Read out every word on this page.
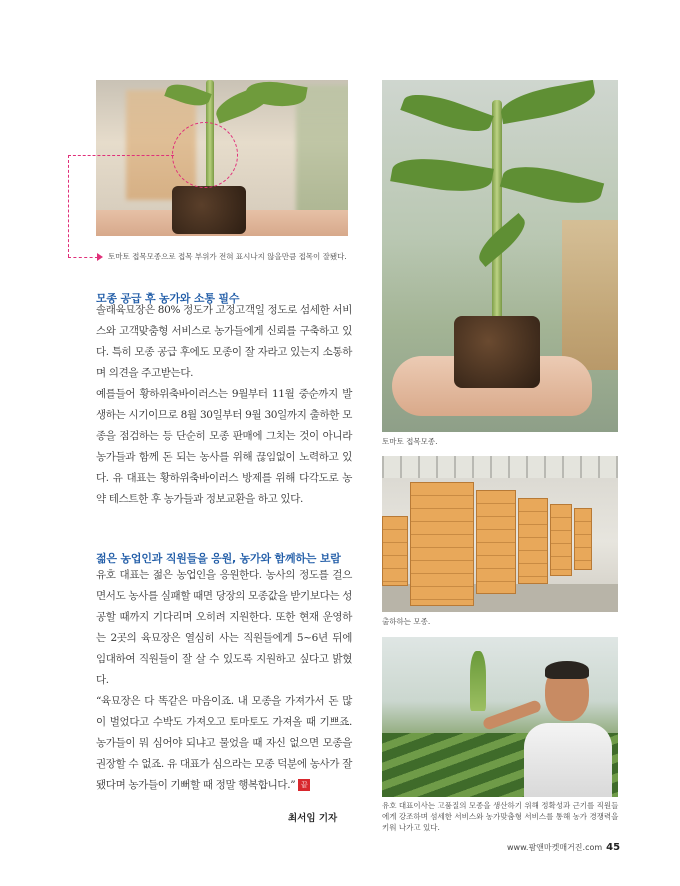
토마토 접목모종으로 접목 부위가 전혀 표시나지 않을만큼 접목이 잘됐다.
토마토 접목모종.
출하하는 모종.
유호 대표이사는 고품질의 모종을 생산하기 위해 정확성과 근기를 직원들에게 강조하며 섬세한 서비스와 농가맞춤형 서비스를 통해 농가 경쟁력을 키워 나가고 있다.
모종 공급 후 농가와 소통 필수

솔래육묘장은 80% 정도가 고정고객일 정도로 섬세한 서비스와 고객맞춤형 서비스로 농가들에게 신뢰를 구축하고 있다. 특히 모종 공급 후에도 모종이 잘 자라고 있는지 소통하며 의견을 주고받는다.

예를들어 황하위축바이러스는 9월부터 11월 중순까지 발생하는 시기이므로 8월 30일부터 9월 30일까지 출하한 모종을 점검하는 등 단순히 모종 판매에 그치는 것이 아니라 농가들과 함께 돈 되는 농사를 위해 끊임없이 노력하고 있다. 유 대표는 황하위축바이러스 방제를 위해 다각도로 농약 테스트한 후 농가들과 정보교환을 하고 있다.

젊은 농업인과 직원들을 응원, 농가와 함께하는 보람

유호 대표는 젊은 농업인을 응원한다. 농사의 정도를 걸으면서도 농사를 실패할 때면 당장의 모종값을 받기보다는 성공할 때까지 기다리며 오히려 지원한다. 또한 현재 운영하는 2곳의 육묘장은 열심히 사는 직원들에게 5~6년 뒤에 임대하여 직원들이 잘 살 수 있도록 지원하고 싶다고 밝혔다.

“육묘장은 다 똑같은 마음이죠. 내 모종을 가져가서 돈 많이 벌었다고 수박도 가져오고 토마토도 가져올 때 기쁘죠. 농가들이 뭐 심어야 되냐고 물었을 때 자신 없으면 모종을 권장할 수 없죠. 유 대표가 심으라는 모종 덕분에 농사가 잘 됐다며 농가들이 기뻐할 때 정말 행복합니다.” 끝

최서임 기자
www.팜앤마켓매거진.com 45
